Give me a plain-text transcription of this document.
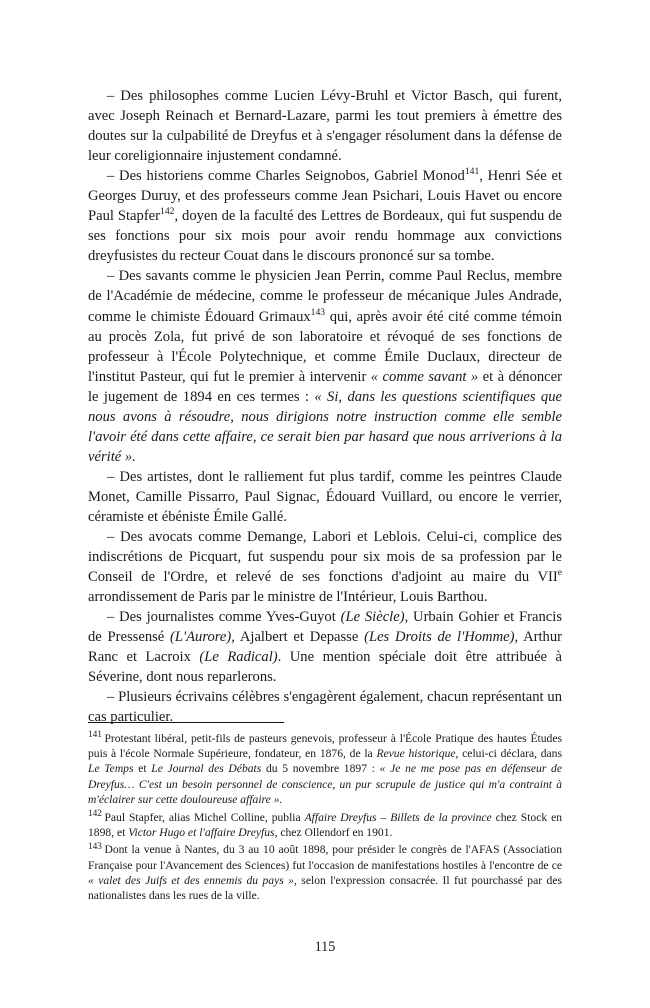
– Des philosophes comme Lucien Lévy-Bruhl et Victor Basch, qui furent, avec Joseph Reinach et Bernard-Lazare, parmi les tout premiers à émettre des doutes sur la culpabilité de Dreyfus et à s'engager résolument dans la défense de leur coreligionnaire injustement condamné.

– Des historiens comme Charles Seignobos, Gabriel Monod$^{141}$, Henri Sée et Georges Duruy, et des professeurs comme Jean Psichari, Louis Havet ou encore Paul Stapfer$^{142}$, doyen de la faculté des Lettres de Bordeaux, qui fut suspendu de ses fonctions pour six mois pour avoir rendu hommage aux convictions dreyfusistes du recteur Couat dans le discours prononcé sur sa tombe.

– Des savants comme le physicien Jean Perrin, comme Paul Reclus, membre de l'Académie de médecine, comme le professeur de mécanique Jules Andrade, comme le chimiste Édouard Grimaux$^{143}$ qui, après avoir été cité comme témoin au procès Zola, fut privé de son laboratoire et révoqué de ses fonctions de professeur à l'École Polytechnique, et comme Émile Duclaux, directeur de l'institut Pasteur, qui fut le premier à intervenir « comme savant » et à dénoncer le jugement de 1894 en ces termes : « Si, dans les questions scientifiques que nous avons à résoudre, nous dirigions notre instruction comme elle semble l'avoir été dans cette affaire, ce serait bien par hasard que nous arriverions à la vérité ».

– Des artistes, dont le ralliement fut plus tardif, comme les peintres Claude Monet, Camille Pissarro, Paul Signac, Édouard Vuillard, ou encore le verrier, céramiste et ébéniste Émile Gallé.

– Des avocats comme Demange, Labori et Leblois. Celui-ci, complice des indiscrétions de Picquart, fut suspendu pour six mois de sa profession par le Conseil de l'Ordre, et relevé de ses fonctions d'adjoint au maire du VIIe arrondissement de Paris par le ministre de l'Intérieur, Louis Barthou.

– Des journalistes comme Yves-Guyot (Le Siècle), Urbain Gohier et Francis de Pressensé (L'Aurore), Ajalbert et Depasse (Les Droits de l'Homme), Arthur Ranc et Lacroix (Le Radical). Une mention spéciale doit être attribuée à Séverine, dont nous reparlerons.

– Plusieurs écrivains célèbres s'engagèrent également, chacun représentant un cas particulier.

$^{141}$ Protestant libéral, petit-fils de pasteurs genevois, professeur à l'École Pratique des hautes Études puis à l'école Normale Supérieure, fondateur, en 1876, de la Revue historique, celui-ci déclara, dans Le Temps et Le Journal des Débats du 5 novembre 1897 : « Je ne me pose pas en défenseur de Dreyfus… C'est un besoin personnel de conscience, un pur scrupule de justice qui m'a contraint à m'éclairer sur cette douloureuse affaire ».

$^{142}$ Paul Stapfer, alias Michel Colline, publia Affaire Dreyfus – Billets de la province chez Stock en 1898, et Victor Hugo et l'affaire Dreyfus, chez Ollendorf en 1901.

$^{143}$ Dont la venue à Nantes, du 3 au 10 août 1898, pour présider le congrès de l'AFAS (Association Française pour l'Avancement des Sciences) fut l'occasion de manifestations hostiles à l'encontre de ce « valet des Juifs et des ennemis du pays », selon l'expression consacrée. Il fut pourchassé par des nationalistes dans les rues de la ville.

115
